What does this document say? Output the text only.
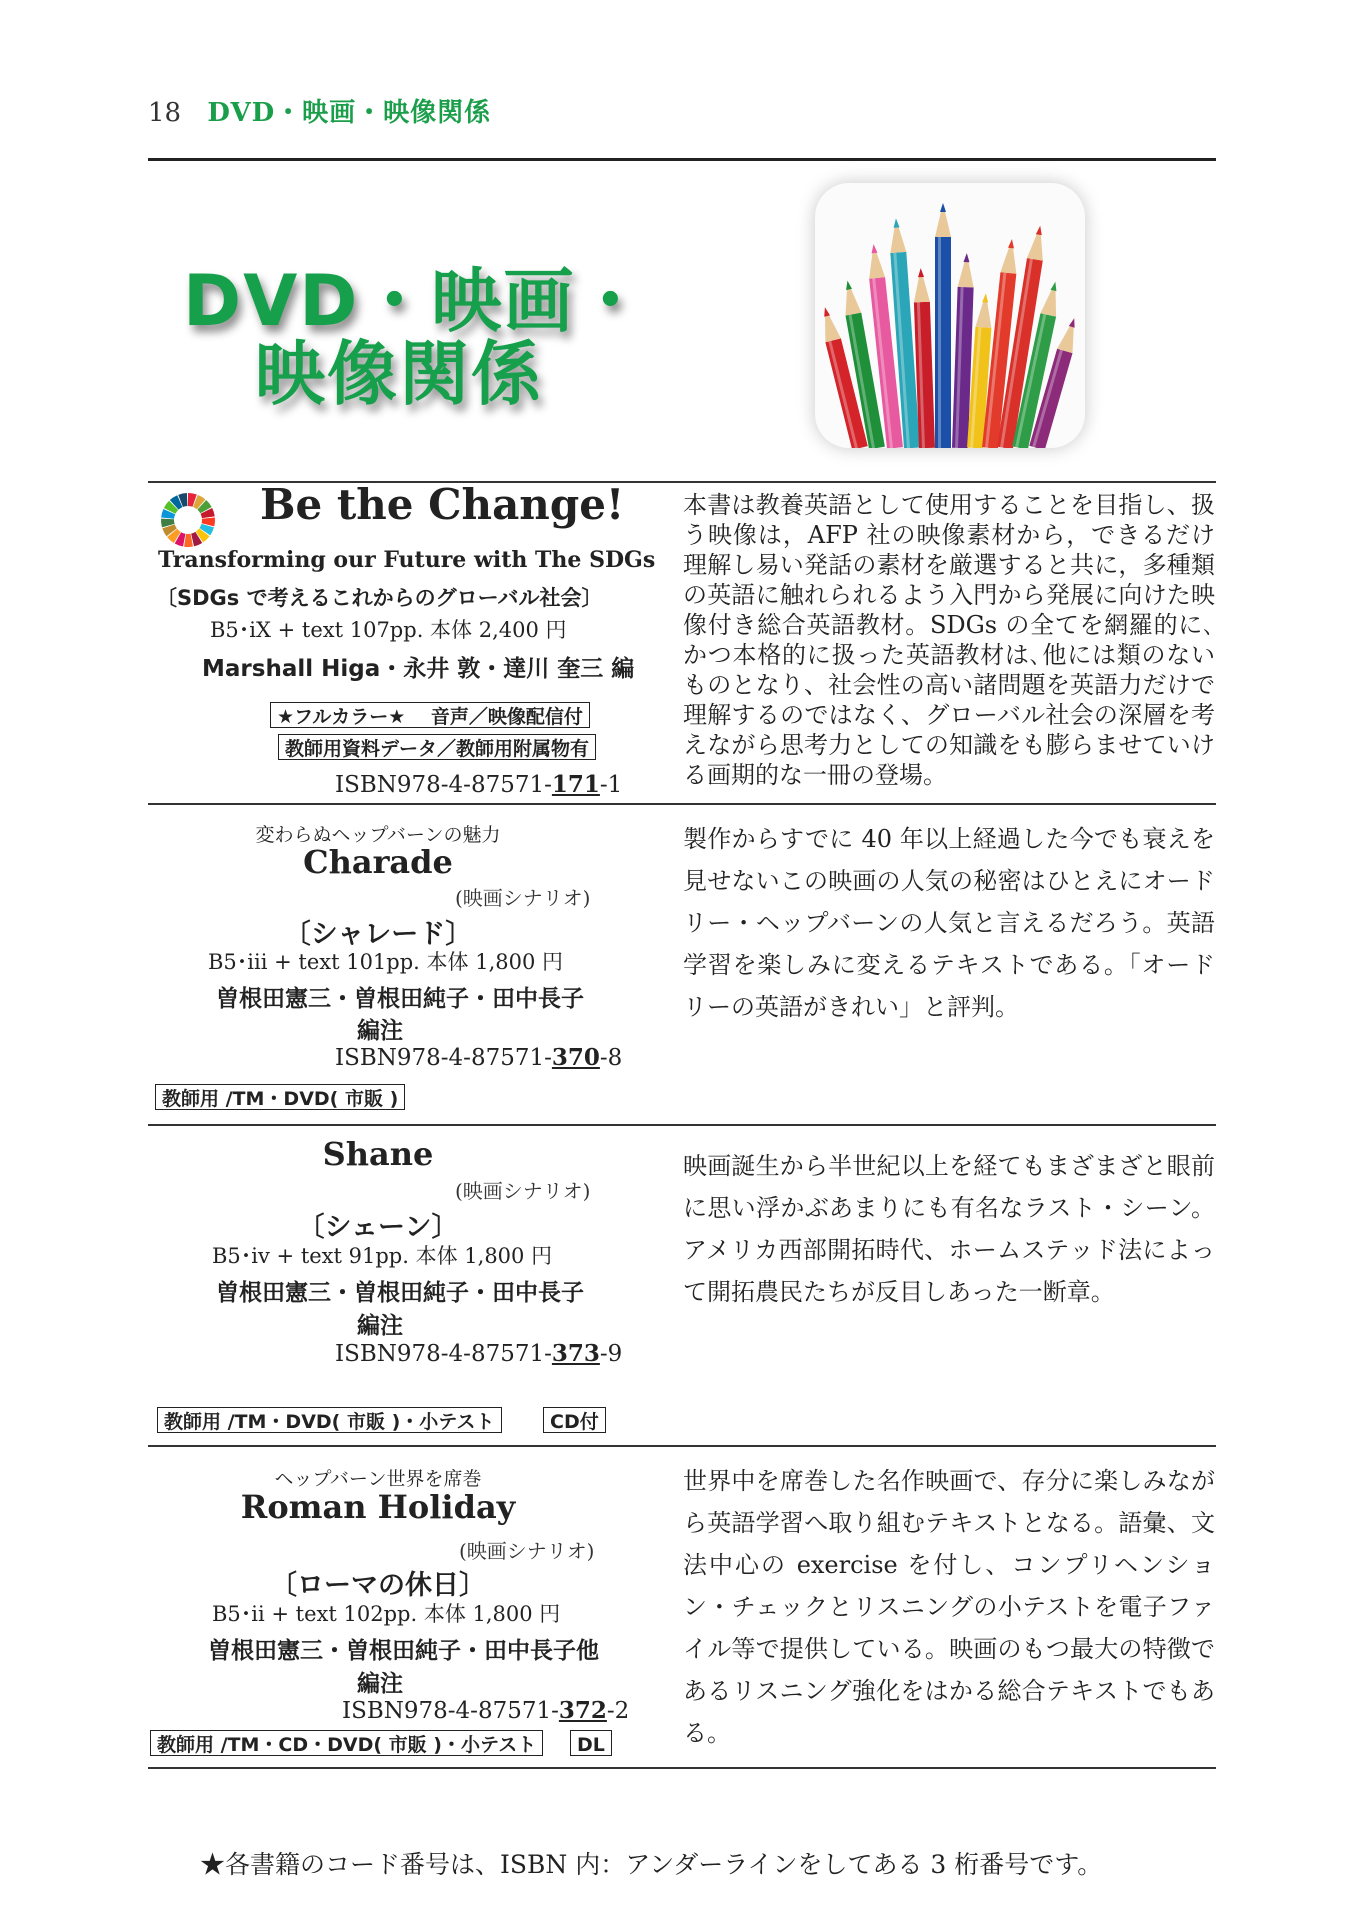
18 DVD・映画・映像関係
DVD・映画・
映像関係
Be the Change!
Transforming our Future with The SDGs
〔SDGs で考えるこれからのグローバル社会〕
B5･iX + text 107pp. 本体 2,400 円
Marshall Higa・永井 敦・達川 奎三 編
★フルカラー★　 音声／映像配信付
教師用資料データ／教師用附属物有
ISBN978-4-87571-171-1
本書は教養英語として使用することを目指し、扱う映像は，AFP 社の映像素材から，できるだけ理解し易い発話の素材を厳選すると共に，多種類の英語に触れられるよう入門から発展に向けた映像付き総合英語教材。SDGs の全てを網羅的に､かつ本格的に扱った英語教材は､他には類のないものとなり、社会性の高い諸問題を英語力だけで理解するのではなく、グローバル社会の深層を考えながら思考力としての知識をも膨らませていける画期的な一冊の登場。
変わらぬヘップバーンの魅力
Charade
(映画シナリオ)
〔シャレード〕
B5･iii + text 101pp. 本体 1,800 円
曽根田憲三・曽根田純子・田中長子
編注
ISBN978-4-87571-370-8
教師用 /TM・DVD( 市販 )
製作からすでに 40 年以上経過した今でも衰えを見せないこの映画の人気の秘密はひとえにオードリー・ヘップバーンの人気と言えるだろう。英語学習を楽しみに変えるテキストである。「オードリーの英語がきれい」と評判。
Shane
(映画シナリオ)
〔シェーン〕
B5･iv + text 91pp. 本体 1,800 円
曽根田憲三・曽根田純子・田中長子
編注
ISBN978-4-87571-373-9
教師用 /TM・DVD( 市販 )・小テスト	CD付
映画誕生から半世紀以上を経てもまざまざと眼前に思い浮かぶあまりにも有名なラスト・シーン。アメリカ西部開拓時代、ホームステッド法によって開拓農民たちが反目しあった一断章。
ヘップバーン世界を席巻
Roman Holiday
(映画シナリオ)
〔ローマの休日〕
B5･ii + text 102pp. 本体 1,800 円
曽根田憲三・曽根田純子・田中長子他
編注
ISBN978-4-87571-372-2
教師用 /TM・CD・DVD( 市販 )・小テスト	DL
世界中を席巻した名作映画で、存分に楽しみながら英語学習へ取り組むテキストとなる。語彙、文法中心の exercise を付し、コンプリヘンション・チェックとリスニングの小テストを電子ファイル等で提供している。映画のもつ最大の特徴であるリスニング強化をはかる総合テキストでもある。
★各書籍のコード番号は、ISBN 内：アンダーラインをしてある 3 桁番号です。
